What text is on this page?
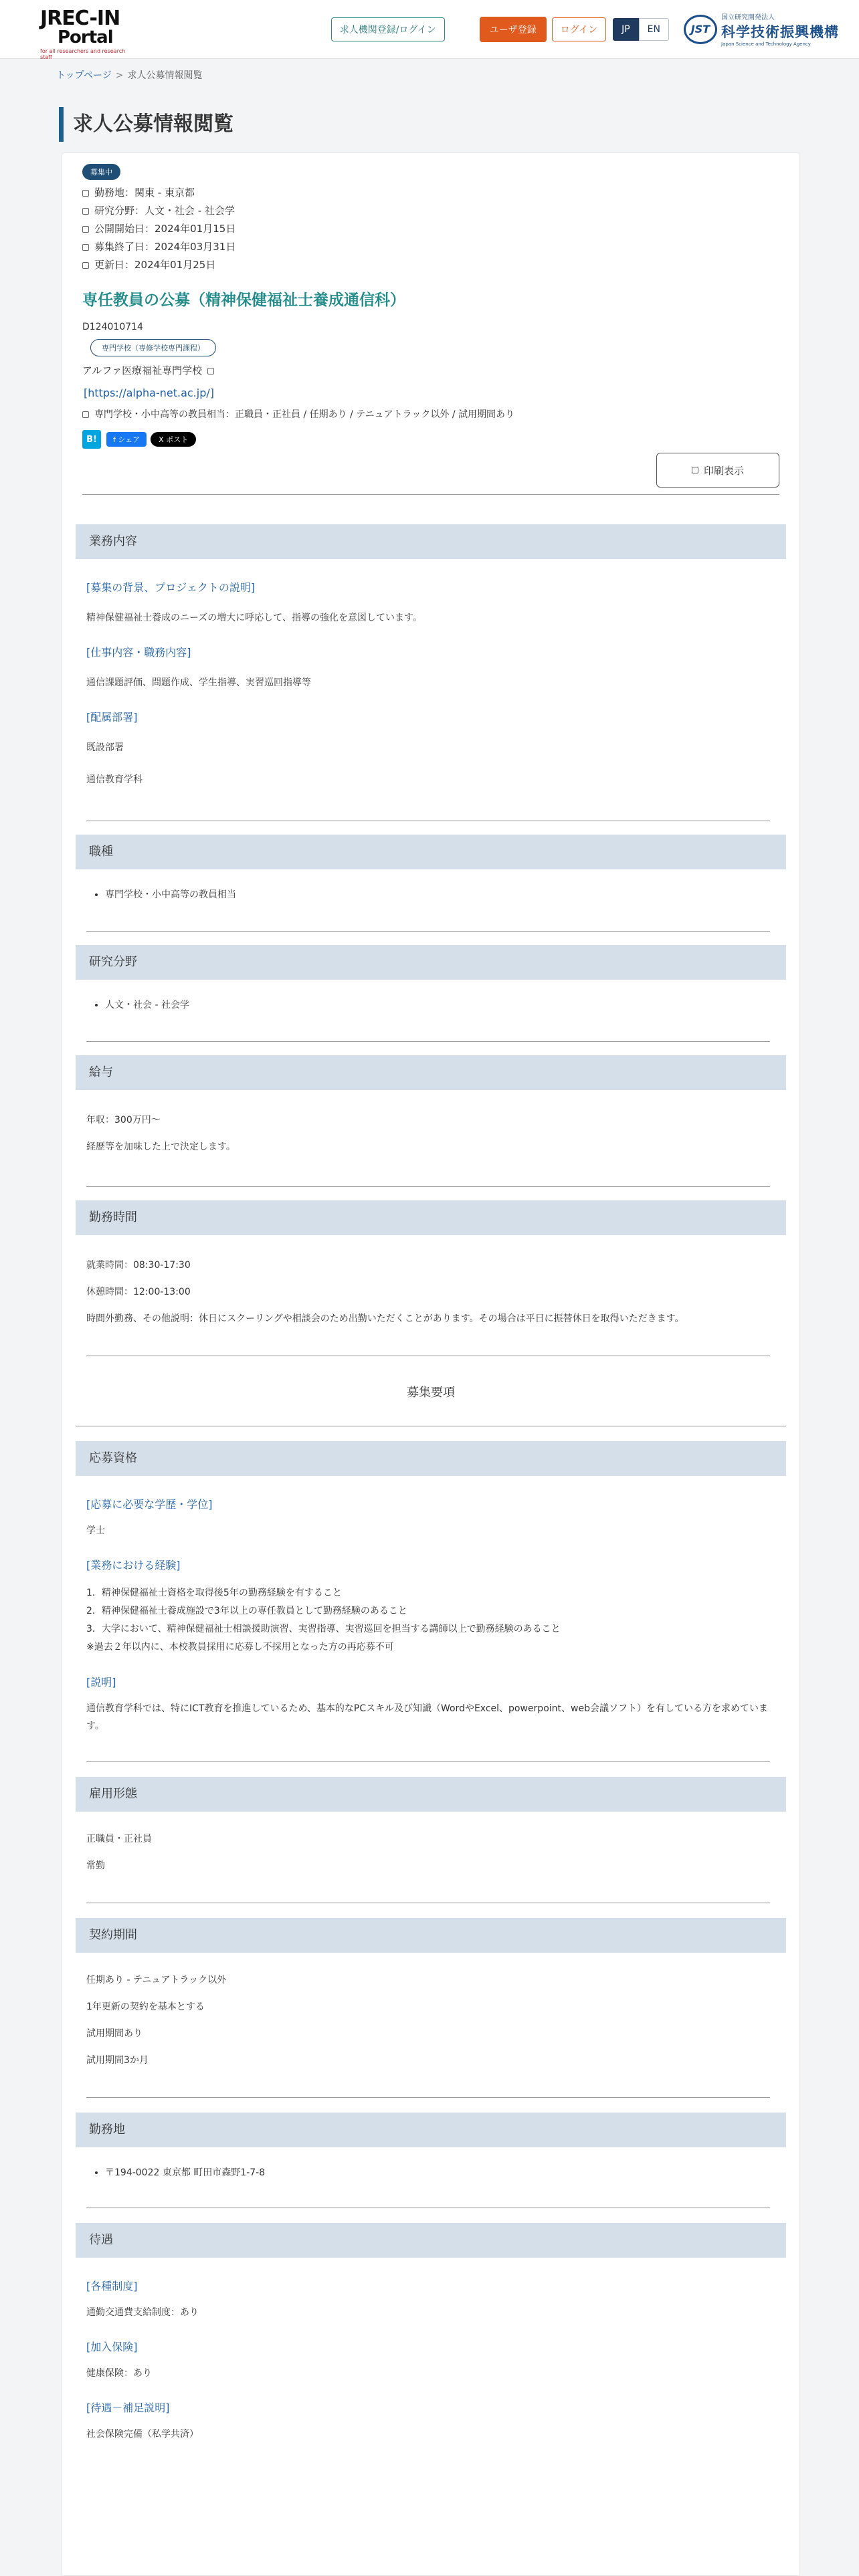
JREC-IN
Portal
for all researchers and research staff
求人機関登録/ログイン	ユーザ登録	ログイン	JP	EN	JST
国立研究開発法人
科学技術振興機構
Japan Science and Technology Agency
トップページ > 求人公募情報閲覧
求人公募情報閲覧
募集中
勤務地：関東 - 東京都
研究分野：人文・社会 - 社会学
公開開始日：2024年01月15日
募集終了日：2024年03月31日
更新日：2024年01月25日
専任教員の公募（精神保健福祉士養成通信科）
D124010714
専門学校（専修学校専門課程）
アルファ医療福祉専門学校
[https://alpha-net.ac.jp/]
専門学校・小中高等の教員相当：正職員・正社員 / 任期あり / テニュアトラック以外 / 試用期間あり
B!	f シェア	X ポスト
印刷表示
業務内容
[募集の背景、プロジェクトの説明]
精神保健福祉士養成のニーズの増大に呼応して、指導の強化を意図しています。
[仕事内容・職務内容]
通信課題評価、問題作成、学生指導、実習巡回指導等
[配属部署]
既設部署
通信教育学科
職種
• 専門学校・小中高等の教員相当
研究分野
• 人文・社会 - 社会学
給与
年収：300万円～
経歴等を加味した上で決定します。
勤務時間
就業時間：08:30-17:30
休憩時間：12:00-13:00
時間外勤務、その他説明：休日にスクーリングや相談会のため出勤いただくことがあります。その場合は平日に振替休日を取得いただきます。
募集要項
応募資格
[応募に必要な学歴・学位]
学士
[業務における経験]
1．精神保健福祉士資格を取得後5年の勤務経験を有すること
2．精神保健福祉士養成施設で3年以上の専任教員として勤務経験のあること
3．大学において、精神保健福祉士相談援助演習、実習指導、実習巡回を担当する講師以上で勤務経験のあること
※過去２年以内に、本校教員採用に応募し不採用となった方の再応募不可
[説明]
通信教育学科では、特にICT教育を推進しているため、基本的なPCスキル及び知識（WordやExcel、powerpoint、web会議ソフト）を有している方を求めています。
雇用形態
正職員・正社員
常勤
契約期間
任期あり - テニュアトラック以外
1年更新の契約を基本とする
試用期間あり
試用期間3か月
勤務地
• 〒194-0022 東京都 町田市森野1-7-8
待遇
[各種制度]
通勤交通費支給制度：あり
[加入保険]
健康保険：あり
[待遇－補足説明]
社会保険完備（私学共済）
